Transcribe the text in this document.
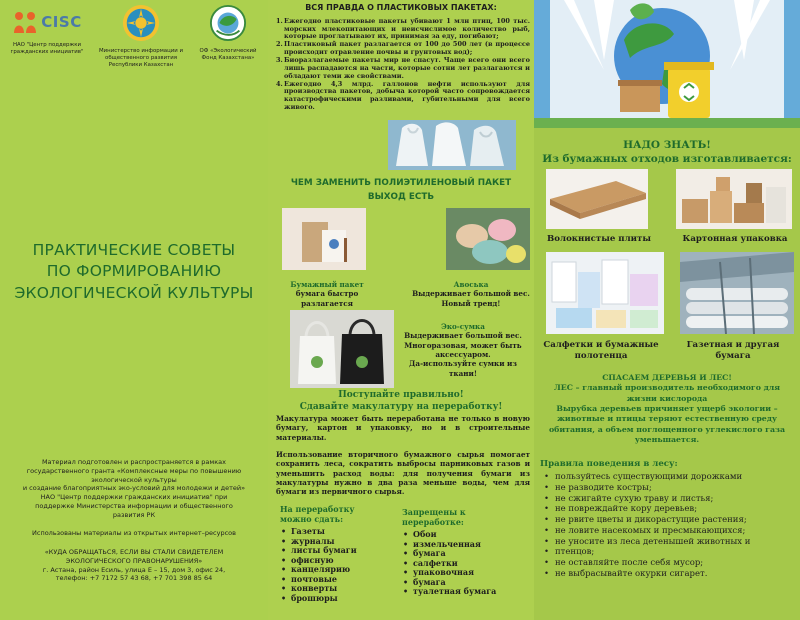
CISC
НАО "Центр поддержки гражданских инициатив"	Министерство информации и общественного развития Республики Казахстан
ОФ «Экологический Фонд Казахстана»
ПРАКТИЧЕСКИЕ СОВЕТЫ
ПО ФОРМИРОВАНИЮ
ЭКОЛОГИЧЕСКОЙ КУЛЬТУРЫ

Материал подготовлен и распространяется в рамках

государственного гранта «Комплексные меры по повышению

экологической культуры

и создание благоприятных эко-условий для молодежи и детей»

НАО "Центр поддержки гражданских инициатив" при

поддержке Министерства информации и общественного

развития РК

Использованы материалы из открытых интернет–ресурсов

«КУДА ОБРАЩАТЬСЯ, ЕСЛИ ВЫ СТАЛИ СВИДЕТЕЛЕМ

ЭКОЛОГИЧЕСКОГО ПРАВОНАРУШЕНИЯ»

г. Астана, район Есиль, улица Е – 15, дом 3, офис 24,

телефон: +7 7172 57 43 68, +7 701 398 85 64

ВСЯ ПРАВДА О ПЛАСТИКОВЫХ ПАКЕТАХ:
Ежегодно пластиковые пакеты убивают 1 млн птиц, 100 тыс. морских млекопитающих и неисчислимое количество рыб, которые проглатывают их, принимая за еду, погибают;
Пластиковый пакет разлагается от 100 до 500 лет (в процессе происходит отравление почвы и грунтовых вод);
Биоразлагаемые пакеты мир не спасут. Чаще всего они всего лишь распадаются на части, которые сотни лет разлагаются и обладают теми же свойствами.
Ежегодно 4,3 млрд. галлонов нефти используют для производства пакетов, добыча которой часто сопровождается катастрофическими разливами, губительными для всего живого.
ЧЕМ ЗАМЕНИТЬ ПОЛИЭТИЛЕНОВЫЙ ПАКЕТ
ВЫХОД ЕСТЬ
Бумажный пакет
бумага быстро разлагается
Авоська
Выдерживает большой вес.
Новый тренд!
Эко-сумка
Выдерживает большой вес.
Многоразовая, может быть
аксессуаром.
Да-используйте сумки из ткани!
Поступайте правильно!
Сдавайте макулатуру на переработку!
Макулатура может быть переработана не только в новую бумагу, картон и упаковку, но и в строительные материалы.
Использование вторичного бумажного сырья помогает сохранить леса, сократить выбросы парниковых газов и уменьшить расход воды: для получения бумаги из макулатуры нужно в два раза меньше воды, чем для бумаги из первичного сырья.
На переработку
можно сдать:
• Газеты
• журналы
• листы бумаги
• офисную
• канцелярию
• почтовые
• конверты
• брошюры
Запрещены к
переработке:
• Обои
• измельченная
• бумага
• салфетки
• упаковочная
• бумага
• туалетная бумага
НАДО ЗНАТЬ!
Из бумажных отходов изготавливается:
Волокнистые плиты	Картонная упаковка
Салфетки и бумажные
полотенца
Газетная и другая
бумага
СПАСАЕМ ДЕРЕВЬЯ И ЛЕС!
ЛЕС – главный производитель необходимого для
жизни кислорода
Вырубка деревьев причиняет ущерб экологии –
животные и птицы теряют естественную среду
обитания, а объем поглощенного углекислого газа
уменьшается.
Правила поведения в лесу:
• пользуйтесь существующими дорожками
• не разводите костры;
• не сжигайте сухую траву и листья;
• не повреждайте кору деревьев;
• не рвите цветы и дикорастущие растения;
• не ловите насекомых и пресмыкающихся;
• не уносите из леса детенышей животных и
• птенцов;
• не оставляйте после себя мусор;
• не выбрасывайте окурки сигарет.
